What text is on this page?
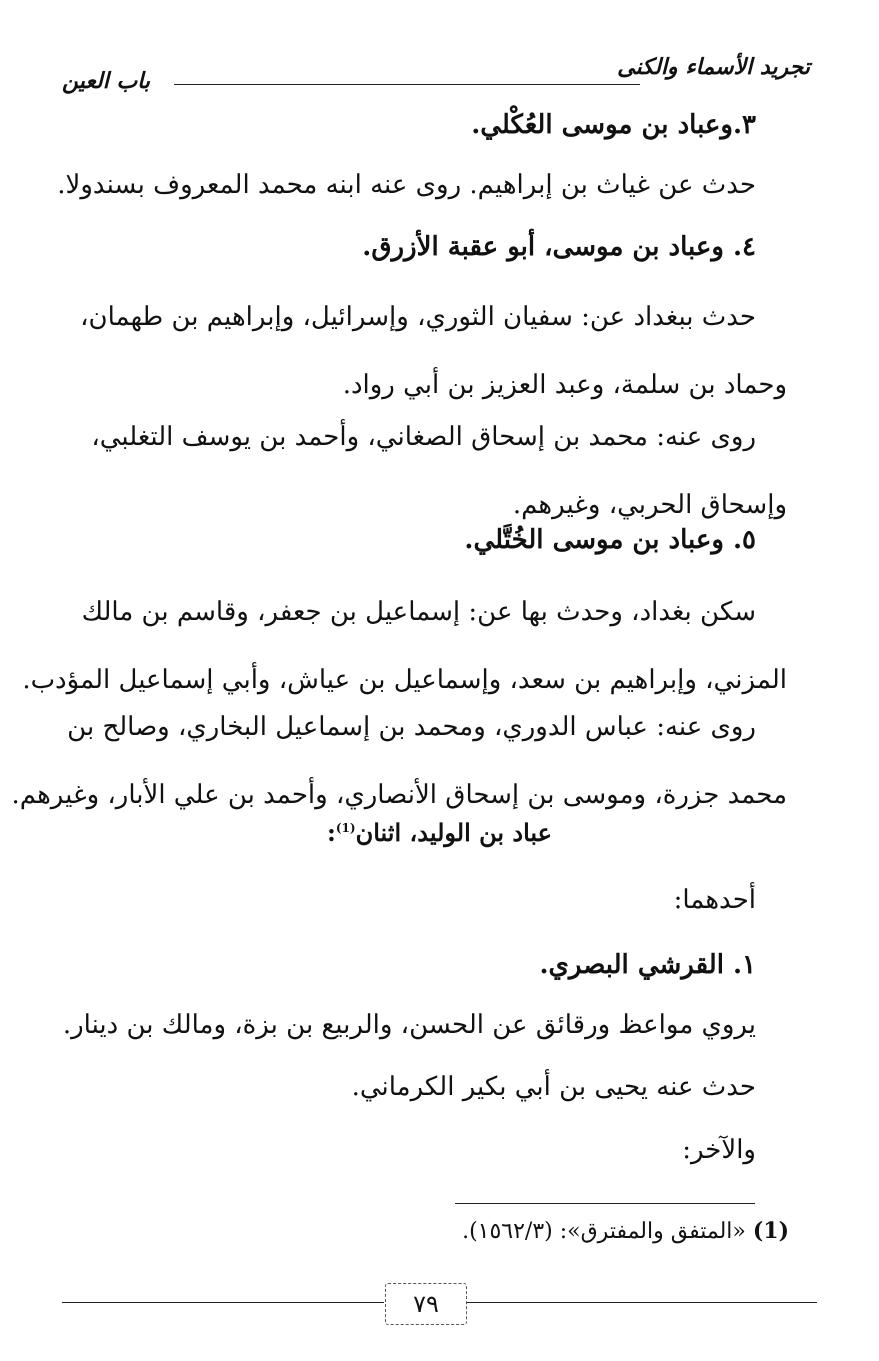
تجريد الأسماء والكنى
باب العين
٣.وعباد بن موسى العُكْلي.
حدث عن غياث بن إبراهيم. روى عنه ابنه محمد المعروف بسندولا.
٤. وعباد بن موسى، أبو عقبة الأزرق.
حدث ببغداد عن: سفيان الثوري، وإسرائيل، وإبراهيم بن طهمان،
وحماد بن سلمة، وعبد العزيز بن أبي رواد.
روى عنه: محمد بن إسحاق الصغاني، وأحمد بن يوسف التغلبي،
وإسحاق الحربي، وغيرهم.
٥. وعباد بن موسى الخُتَّلي.
سكن بغداد، وحدث بها عن: إسماعيل بن جعفر، وقاسم بن مالك
المزني، وإبراهيم بن سعد، وإسماعيل بن عياش، وأبي إسماعيل المؤدب.
روى عنه: عباس الدوري، ومحمد بن إسماعيل البخاري، وصالح بن
محمد جزرة، وموسى بن إسحاق الأنصاري، وأحمد بن علي الأبار، وغيرهم.
عباد بن الوليد، اثنان$^{(1)}$:
أحدهما:
١. القرشي البصري.
يروي مواعظ ورقائق عن الحسن، والربيع بن بزة، ومالك بن دينار.
حدث عنه يحيى بن أبي بكير الكرماني.
والآخر:
(1) «المتفق والمفترق»: (١٥٦٢/٣).
٧٩
